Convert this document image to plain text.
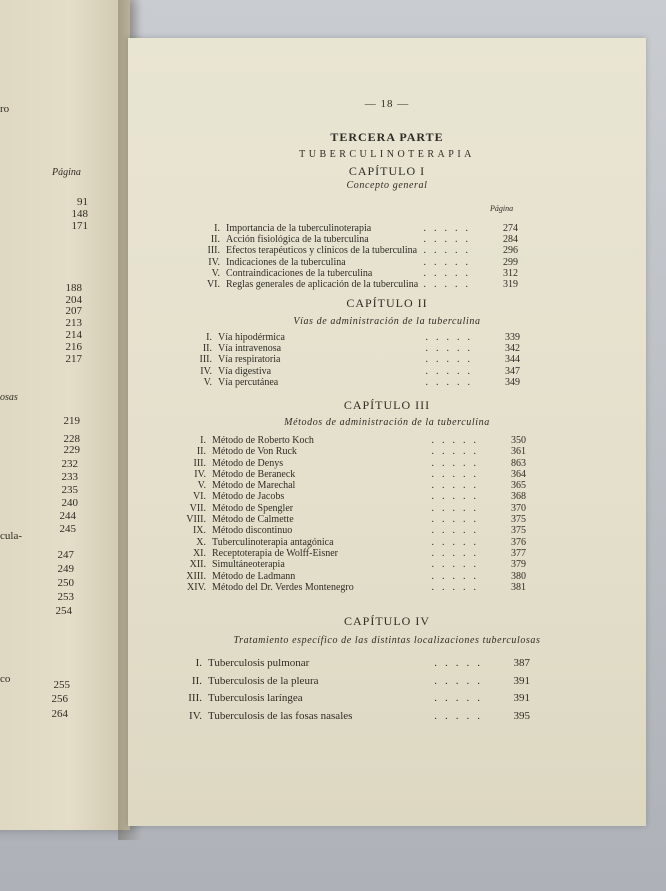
ro
Página
osas
cula-
co
91
148
171
188
204
207
213
214
216
217
219
228
229
232
233
235
240
244
245
247
249
250
253
254
255
256
264
— 18 —
TERCERA PARTE
TUBERCULINOTERAPIA
CAPÍTULO I
Concepto general
Página
I. Importancia de la tuberculinoterapia	274
.....
II. Acción fisiológica de la tuberculina	284
.....
III. Efectos terapéuticos y clínicos de la tuberculina	296
.....
IV. Indicaciones de la tuberculina	299
.....
V. Contraindicaciones de la tuberculina	312
.....
VI. Reglas generales de aplicación de la tuberculina	319
.....
CAPÍTULO II
Vías de administración de la tuberculina
I. Vía hipodérmica	339
.....
II. Vía intravenosa	342
.....
III. Vía respiratoria	344
.....
IV. Vía digestiva	347
.....
V. Vía percutánea	349
.....
CAPÍTULO III
Métodos de administración de la tuberculina
I. Método de Roberto Koch	350
.....
II. Método de Von Ruck	361
.....
III. Método de Denys	863
.....
IV. Método de Beraneck	364
.....
V. Método de Marechal	365
.....
VI. Método de Jacobs	368
.....
VII. Método de Spengler	370
.....
VIII. Método de Calmette	375
.....
IX. Método discontinuo	375
.....
X. Tuberculinoterapia antagónica	376
.....
XI. Receptoterapia de Wolff-Eisner	377
.....
XII. Simultáneoterapia	379
.....
XIII. Método de Ladmann	380
.....
XIV. Método del Dr. Verdes Montenegro	381
.....
CAPÍTULO IV
Tratamiento específico de las distintas localizaciones tuberculosas
I. Tuberculosis pulmonar	387
.....
II. Tuberculosis de la pleura	391
.....
III. Tuberculosis laríngea	391
.....
IV. Tuberculosis de las fosas nasales	395
.....
